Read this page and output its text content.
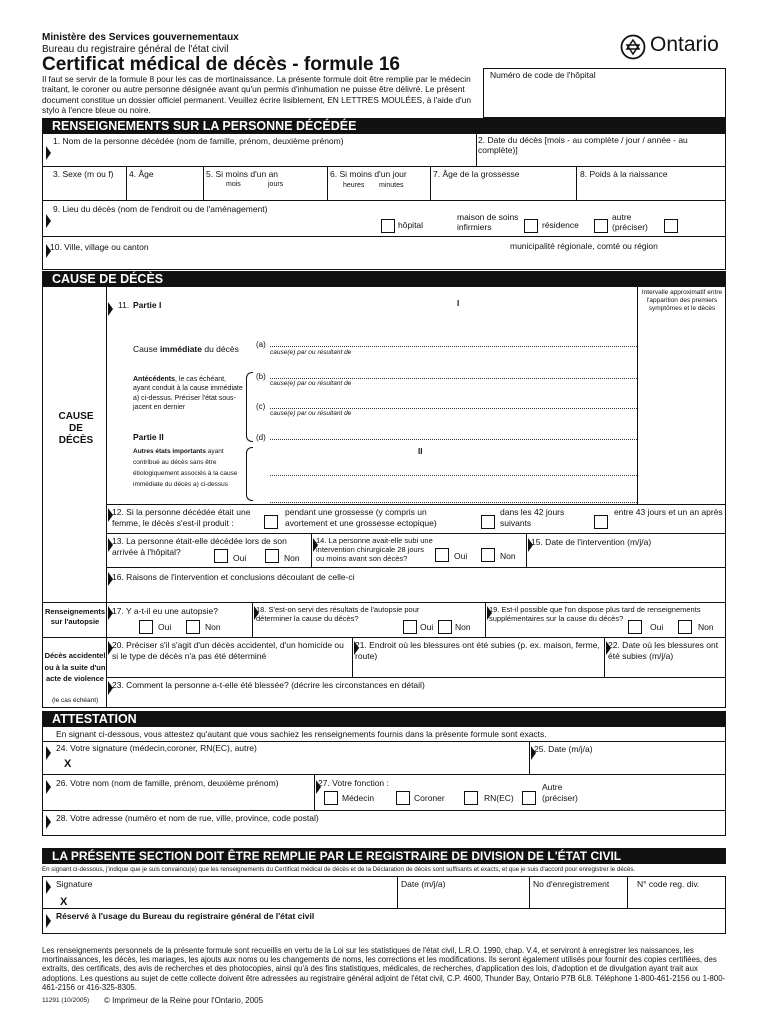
Ministère des Services gouvernementaux
Bureau du registraire général de l'état civil
Certificat médical de décès - formule 16
Ontario
Il faut se servir de la formule 8 pour les cas de mortinaissance. La présente formule doit être remplie par le médecin traitant, le coroner ou autre personne désignée avant qu'un permis d'inhumation ne puisse être délivré. Le présent document constitue un dossier officiel permanent. Veuillez écrire lisiblement, EN LETTRES MOULÉES, à l'aide d'un stylo à l'encre bleue ou noire.
Numéro de code de l'hôpital
RENSEIGNEMENTS SUR LA PERSONNE DÉCÉDÉE
1. Nom de la personne décédée (nom de famille, prénom, deuxième prénom)	2. Date du décès [mois - au complète / jour / année - au complète)]
3. Sexe (m ou f) 4. Âge	5. Si moins d'un an
mois	jours
6. Si moins d'un jour
heures minutes
7. Âge de la grossesse	8. Poids à la naissance
9. Lieu du décès (nom de l'endroit ou de l'aménagement)
hôpital
maison de soins infirmiers	résidence
autre (préciser)
10. Ville, village ou canton	municipalité régionale, comté ou région
CAUSE DE DÉCÈS
CAUSE DE DÉCÈS
Intervalle approximatif entre l'apparition des premiers symptômes et le décès
11. Partie I	I
Cause immédiate du décès (a)
cause(e) par ou résultant de
(b)
cause(e) par ou résultant de
(c)
cause(e) par ou résultant de
(d)
Antécédents, le cas échéant, ayant conduit à la cause immédiate a) ci-dessus. Préciser l'état sous-jacent en dernier
Partie II
II
Autres états importants ayant contribué au décès sans être étiologiquement associés à la cause immédiate du décès a) ci-dessus
12. Si la personne décédée était une femme, le décès s'est-il produit :
pendant une grossesse (y compris un avortement et une grossesse ectopique)
dans les 42 jours suivants
entre 43 jours et un an après
13. La personne était-elle décédée lors de son arrivée à l'hôpital?
Oui	Non
14. La personne avait-elle subi une intervention chirurgicale 28 jours ou moins avant son décès?	Oui	Non
15. Date de l'intervention (m/j/a)
16. Raisons de l'intervention et conclusions découlant de celle-ci
Renseignements sur l'autopsie
17. Y a-t-il eu une autopsie?
Oui	Non
18. S'est-on servi des résultats de l'autopsie pour déterminer la cause du décès?
Oui	Non
19. Est-il possible que l'on dispose plus tard de renseignements supplémentaires sur la cause du décès?
Oui	Non
Décès accidentel ou à la suite d'un acte de violence
(le cas échéant)
20. Préciser s'il s'agit d'un décès accidentel, d'un homicide ou si le type de décès n'a pas été déterminé
21. Endroit où les blessures ont été subies (p. ex. maison, ferme, route)
22. Date où les blessures ont été subies (m/j/a)
23. Comment la personne a-t-elle été blessée? (décrire les circonstances en détail)
ATTESTATION
En signant ci-dessous, vous attestez qu'autant que vous sachiez les renseignements fournis dans la présente formule sont exacts.
24. Votre signature (médecin,coroner, RN(EC), autre)
X
25. Date (m/j/a)
26. Votre nom (nom de famille, prénom, deuxième prénom)	27. Votre fonction :
Médecin	Coroner	RN(EC)
Autre (préciser)
28. Votre adresse (numéro et nom de rue, ville, province, code postal)
LA PRÉSENTE SECTION DOIT ÊTRE REMPLIE PAR LE REGISTRAIRE DE DIVISION DE L'ÉTAT CIVIL
En signant ci-dessous, j'indique que je suis convaincu(e) que les renseignements du Certificat médical de décès et de la Déclaration de décès sont suffisants et exacts, et que je suis d'accord pour enregistrer le décès.
Signature
X
Date (m/j/a)	No d'enregistrement	N° code reg. div.
Réservé à l'usage du Bureau du registraire général de l'état civil
Les renseignements personnels de la présente formule sont recueillis en vertu de la Loi sur les statistiques de l'état civil, L.R.O. 1990, chap. V.4, et serviront à enregistrer les naissances, les mortinaissances, les décès, les mariages, les ajouts aux noms ou les changements de noms, les corrections et les modifications. Ils seront également utilisés pour fournir des copies certifiées, des extraits, des certificats, des avis de recherches et des photocopies, ainsi qu'à des fins statistiques, médicales, de recherches, d'application des lois, d'adoption et de divulgation ayant trait aux adoptions. Les questions au sujet de cette collecte doivent être adressées au registraire général adjoint de l'état civil, C.P. 4600, Thunder Bay, Ontario P7B 6L8. Téléphone 1-800-461-2156 ou 1-800-461-2156 or 416-325-8305.
11291 (10/2005) © Imprimeur de la Reine pour l'Ontario, 2005
